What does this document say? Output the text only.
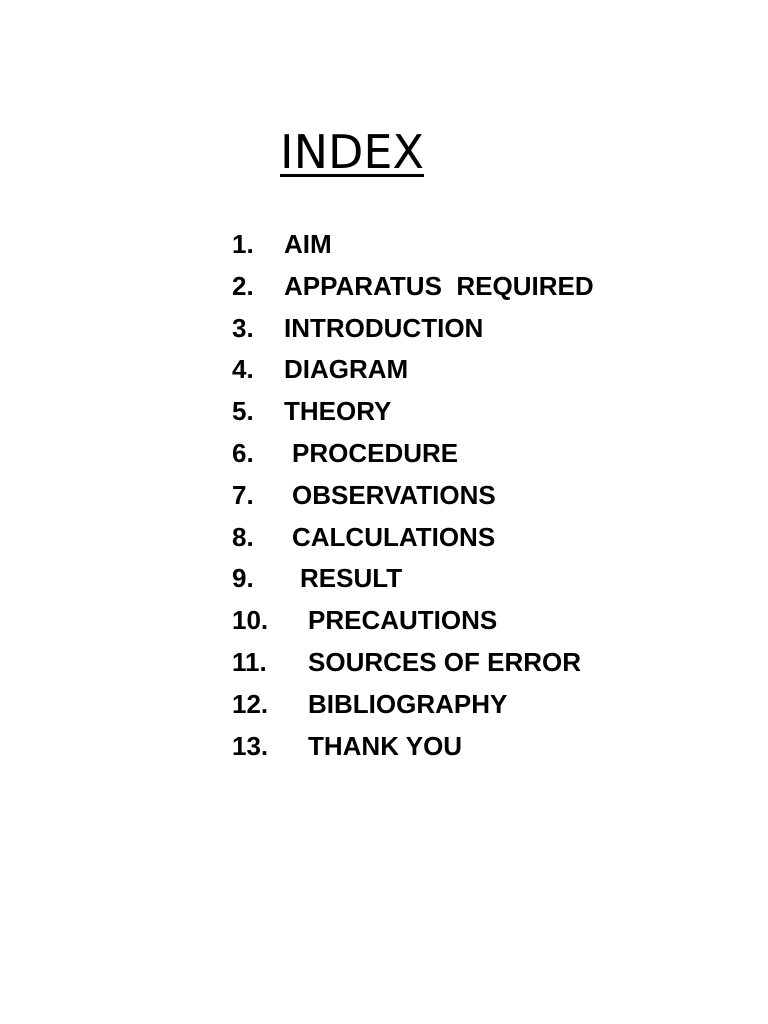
INDEX
1. AIM
2. APPARATUS  REQUIRED
3. INTRODUCTION
4. DIAGRAM
5. THEORY
6. PROCEDURE
7. OBSERVATIONS
8. CALCULATIONS
9. RESULT
10. PRECAUTIONS
11. SOURCES OF ERROR
12. BIBLIOGRAPHY
13. THANK YOU
